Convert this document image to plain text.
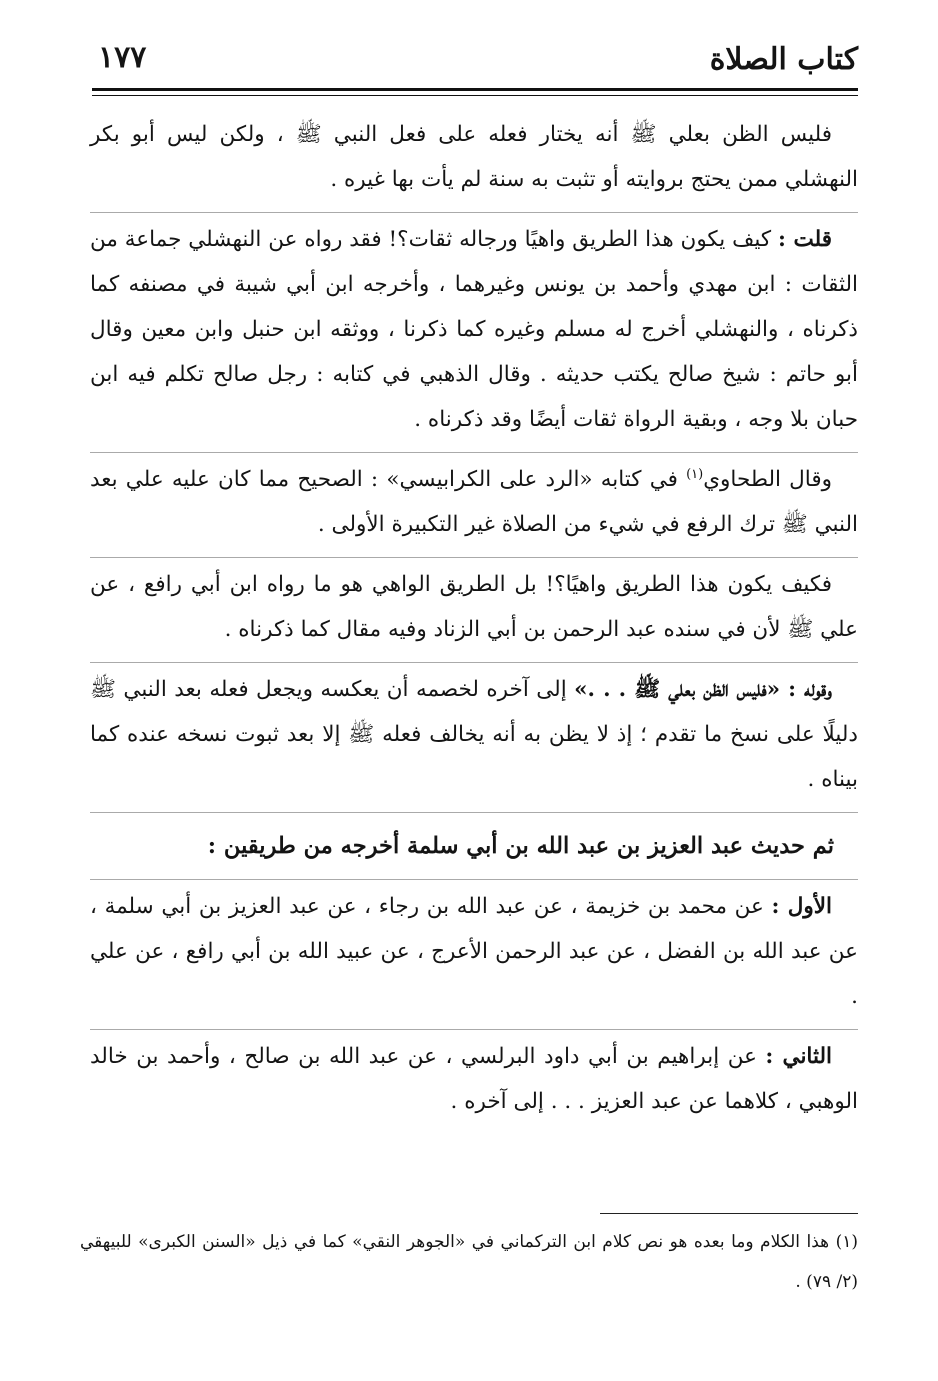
كتاب الصلاة
١٧٧

فليس الظن بعلي ﷺ أنه يختار فعله على فعل النبي ﷺ ، ولكن ليس أبو بكر النهشلي ممن يحتج بروايته أو تثبت به سنة لم يأت بها غيره .

قلت : كيف يكون هذا الطريق واهيًا ورجاله ثقات؟! فقد رواه عن النهشلي جماعة من الثقات : ابن مهدي وأحمد بن يونس وغيرهما ، وأخرجه ابن أبي شيبة في مصنفه كما ذكرناه ، والنهشلي أخرج له مسلم وغيره كما ذكرنا ، ووثقه ابن حنبل وابن معين وقال أبو حاتم : شيخ صالح يكتب حديثه . وقال الذهبي في كتابه : رجل صالح تكلم فيه ابن حبان بلا وجه ، وبقية الرواة ثقات أيضًا وقد ذكرناه .

وقال الطحاوي$^{(١)}$ في كتابه «الرد على الكرابيسي» : الصحيح مما كان عليه علي بعد النبي ﷺ ترك الرفع في شيء من الصلاة غير التكبيرة الأولى .

فكيف يكون هذا الطريق واهيًا؟! بل الطريق الواهي هو ما رواه ابن أبي رافع ، عن علي ﷺ لأن في سنده عبد الرحمن بن أبي الزناد وفيه مقال كما ذكرناه .

وقوله : «فليس الظن بعلي ﷺ . . .» إلى آخره لخصمه أن يعكسه ويجعل فعله بعد النبي ﷺ دليلًا على نسخ ما تقدم ؛ إذ لا يظن به أنه يخالف فعله ﷺ إلا بعد ثبوت نسخه عنده كما بيناه .

ثم حديث عبد العزيز بن عبد الله بن أبي سلمة أخرجه من طريقين :

الأول : عن محمد بن خزيمة ، عن عبد الله بن رجاء ، عن عبد العزيز بن أبي سلمة ، عن عبد الله بن الفضل ، عن عبد الرحمن الأعرج ، عن عبيد الله بن أبي رافع ، عن علي .

الثاني : عن إبراهيم بن أبي داود البرلسي ، عن عبد الله بن صالح ، وأحمد بن خالد الوهبي ، كلاهما عن عبد العزيز . . . إلى آخره .

(١) هذا الكلام وما بعده هو نص كلام ابن التركماني في «الجوهر النقي» كما في ذيل «السنن الكبرى» للبيهقي (٢/ ٧٩) .
